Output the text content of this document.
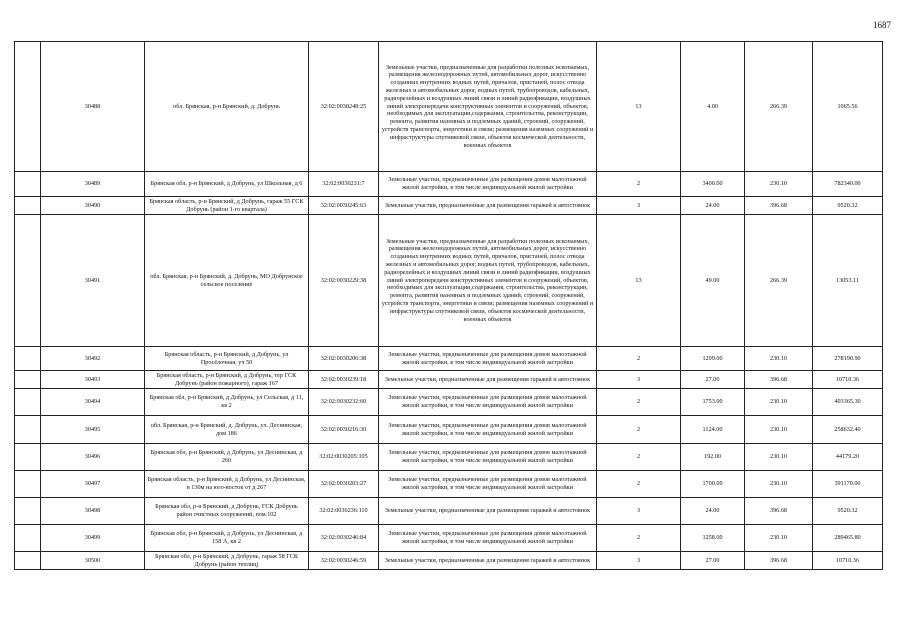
1687
	30488	обл. Брянская, р-н Брянский, д. Добрунь	32:02:0030248:25	Земельные участки, предназначенные для разработки полезных ископаемых, размещения железнодорожных путей, автомобильных дорог, искусственно созданных внутренних водных путей, причалов, пристаней, полос отвода железных и автомобильных дорог, водных путей, трубопроводов, кабельных, радиорелейных и воздушных линий связи и линий радиофикации, воздушных линий электропередачи конструктивных элементов и сооружений, объектов, необходимых для эксплуатации,содержания, строительства, реконструкции, ремонта, развития наземных и подземных зданий, строений, сооружений, устройств транспорта, энергетики и связи; размещения наземных сооружений и инфраструктуры спутниковой связи, объектов космической деятельности, военных объектов	13	4.00	266.39	1065.56
	30489	Брянская обл, р-н Брянский, д Добрунь, ул Школьная, д 6	32:02:0030231:7	Земельные участки, предназначенные для размещения домов малоэтажной жилой застройки, в том числе индивидуальной жилой застройки	2	3400.00	230.10	782340.00
	30490	Брянская область, р-н Брянский, д Добрунь, гараж 55 ГСК Добрунь (район 1-го квартала)	32:02:0030245:63	Земельные участки, предназначенные для размещения гаражей и автостоянок	3	24.00	396.68	9520.32
	30491	обл. Брянская, р-н Брянский, д. Добрунь, МО Добрунское сельское поселение	32:02:0030229:38	Земельные участки, предназначенные для разработки полезных ископаемых, размещения железнодорожных путей, автомобильных дорог, искусственно созданных внутренних водных путей, причалов, пристаней, полос отвода железных и автомобильных дорог, водных путей, трубопроводов, кабельных, радиорелейных и воздушных линий связи и линий радиофикации, воздушных линий электропередачи конструктивных элементов и сооружений, объектов, необходимых для эксплуатации,содержания, строительства, реконструкции, ремонта, развития наземных и подземных зданий, строений, сооружений, устройств транспорта, энергетики и связи; размещения наземных сооружений и инфраструктуры спутниковой связи, объектов космической деятельности, военных объектов	13	49.00	266.39	13053.11
	30492	Брянская область, р-н Брянский, д Добрунь, ул Просёлочная, уч 50	32:02:0030206:38	Земельные участки, предназначенные для размещения домов малоэтажной жилой застройки, в том числе индивидуальной жилой застройки	2	1209.00	230.10	278190.90
	30493	Брянская область, р-н Брянский, д Добрунь, тер ГСК Добрунь (район пожарного), гараж 167	32:02:0030239:18	Земельные участки, предназначенные для размещения гаражей и автостоянок	3	27.00	396.68	10710.36
	30494	Брянская обл, р-н Брянский, д Добрунь, ул Сельская, д 11, кв 2	32:02:0030232:60	Земельные участки, предназначенные для размещения домов малоэтажной жилой застройки, в том числе индивидуальной жилой застройки	2	1753.00	230.10	403365.30
	30495	обл. Брянская, р-н Брянский, д. Добрунь, ул. Деснинская, дом 186	32:02:0030216:30	Земельные участки, предназначенные для размещения домов малоэтажной жилой застройки, в том числе индивидуальной жилой застройки	2	1124.00	230.10	258632.40
	30496	Брянская обл, р-н Брянский, д Добрунь, ул Деснинская, д 260	32:02:0030205:105	Земельные участки, предназначенные для размещения домов малоэтажной жилой застройки, в том числе индивидуальной жилой застройки	2	192.00	230.10	44179.20
	30497	Брянская область, р-н Брянский, д Добрунь, ул Деснинская, в 130м на юго-восток от д 267	32:02:0030203:27	Земельные участки, предназначенные для размещения домов малоэтажной жилой застройки, в том числе индивидуальной жилой застройки	2	1700.00	230.10	391170.00
	30498	Брянская обл, р-н Брянский, д Добрунь, ГСК Добрунь район очистных сооружений, пом.102	32:02:0030236:110	Земельные участки, предназначенные для размещения гаражей и автостоянок	3	24.00	396.68	9520.32
	30499	Брянская обл, р-н Брянский, д Добрунь, ул Деснинская, д 158 А, кв 2	32:02:0030246:84	Земельные участки, предназначенные для размещения домов малоэтажной жилой застройки, в том числе индивидуальной жилой застройки	2	1258.00	230.10	289465.80
	30500	Брянская обл, р-н Брянский, д Добрунь, гараж 58 ГСК Добрунь (район теплиц)	32:02:0030246:59	Земельные участки, предназначенные для размещения гаражей и автостоянок	3	27.00	396.68	10710.36
